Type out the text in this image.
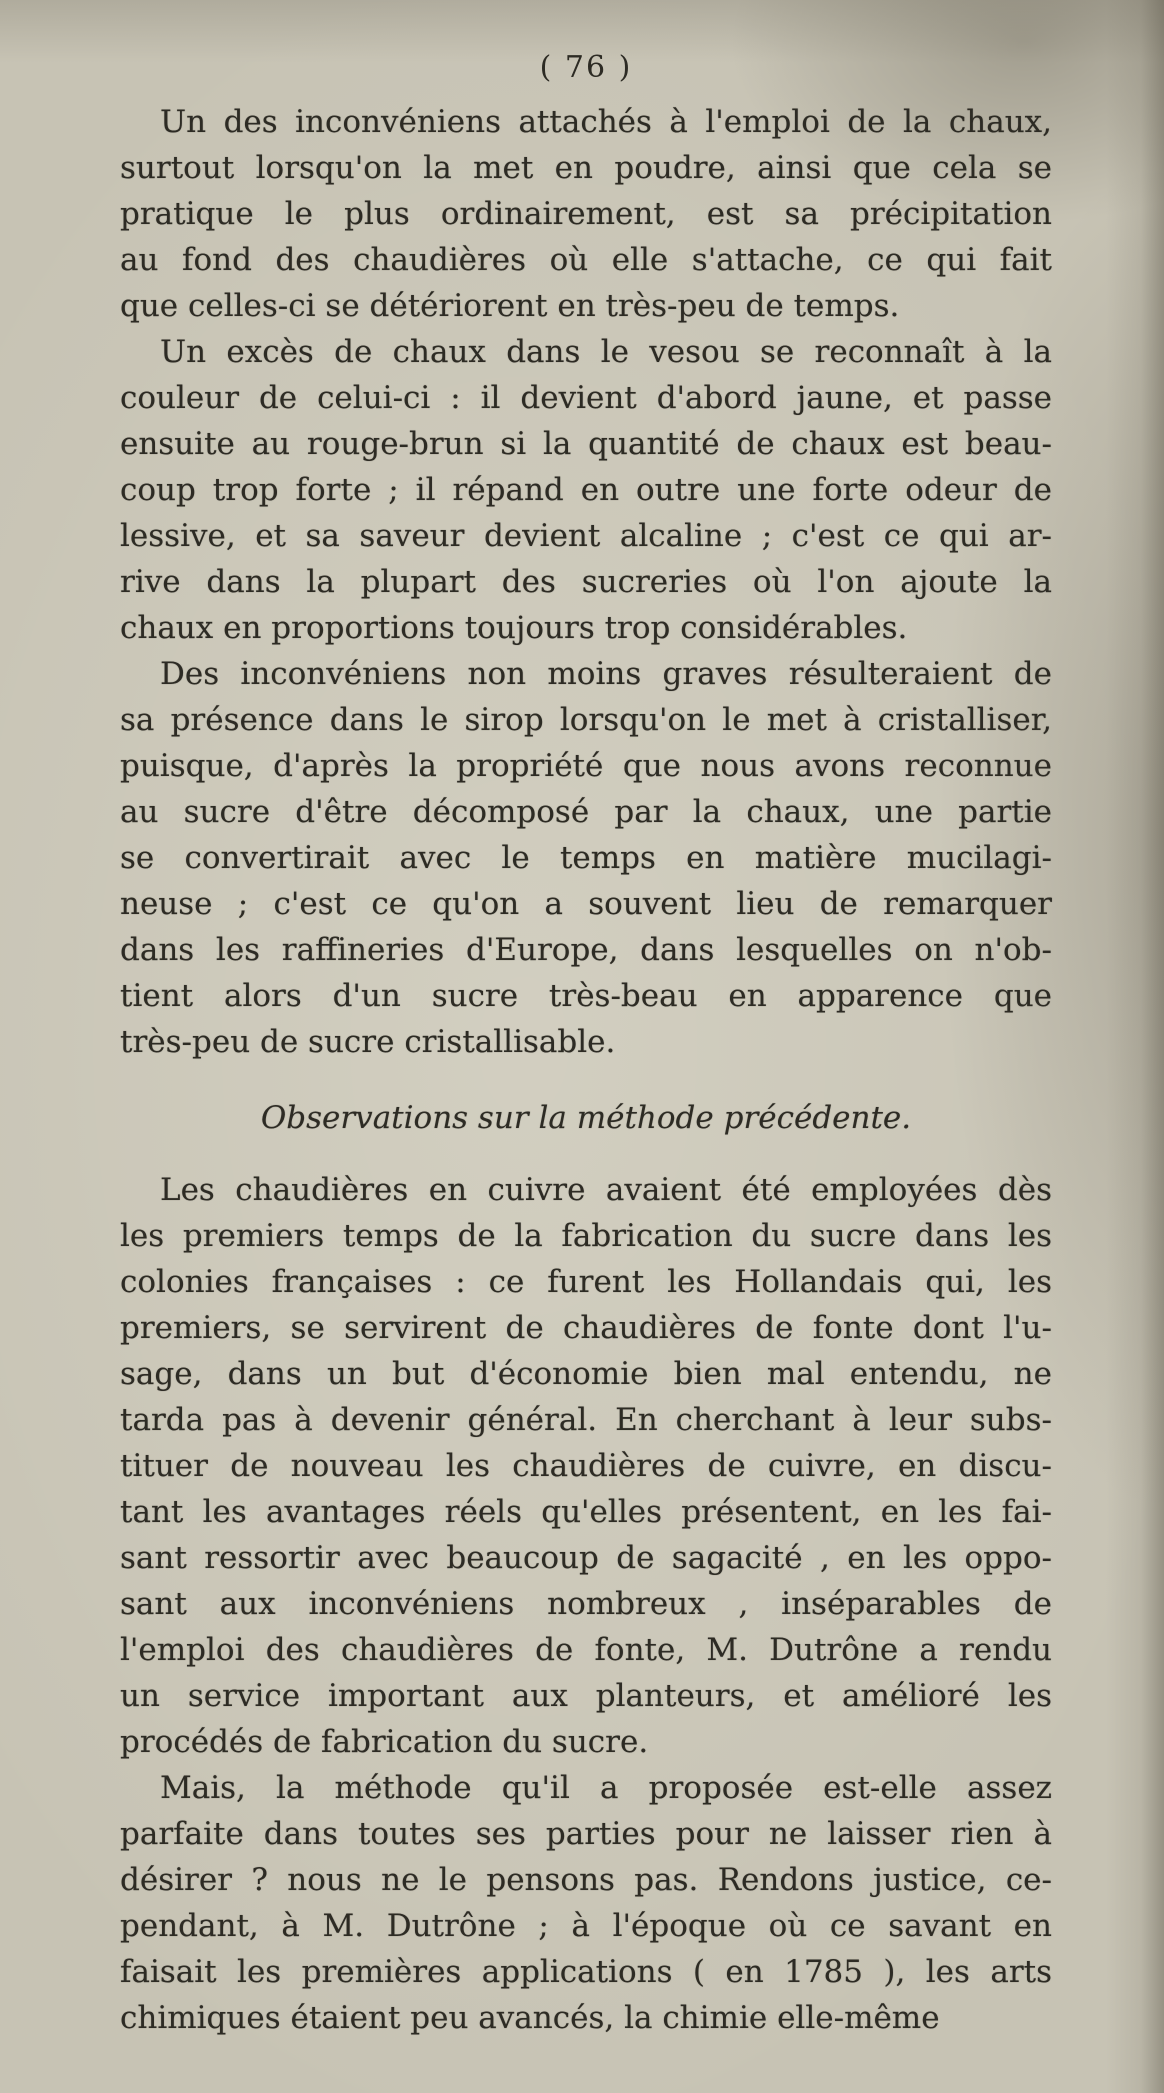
( 76 )
Un des inconvéniens attachés à l'emploi de la chaux,
surtout lorsqu'on la met en poudre, ainsi que cela se
pratique le plus ordinairement, est sa précipitation
au fond des chaudières où elle s'attache, ce qui fait
que celles-ci se détériorent en très-peu de temps.
Un excès de chaux dans le vesou se reconnaît à la
couleur de celui-ci : il devient d'abord jaune, et passe
ensuite au rouge-brun si la quantité de chaux est beau-
coup trop forte ; il répand en outre une forte odeur de
lessive, et sa saveur devient alcaline ; c'est ce qui ar-
rive dans la plupart des sucreries où l'on ajoute la
chaux en proportions toujours trop considérables.
Des inconvéniens non moins graves résulteraient de
sa présence dans le sirop lorsqu'on le met à cristalliser,
puisque, d'après la propriété que nous avons reconnue
au sucre d'être décomposé par la chaux, une partie
se convertirait avec le temps en matière mucilagi-
neuse ; c'est ce qu'on a souvent lieu de remarquer
dans les raffineries d'Europe, dans lesquelles on n'ob-
tient alors d'un sucre très-beau en apparence que
très-peu de sucre cristallisable.
Observations sur la méthode précédente.
Les chaudières en cuivre avaient été employées dès
les premiers temps de la fabrication du sucre dans les
colonies françaises : ce furent les Hollandais qui, les
premiers, se servirent de chaudières de fonte dont l'u-
sage, dans un but d'économie bien mal entendu, ne
tarda pas à devenir général. En cherchant à leur subs-
tituer de nouveau les chaudières de cuivre, en discu-
tant les avantages réels qu'elles présentent, en les fai-
sant ressortir avec beaucoup de sagacité , en les oppo-
sant aux inconvéniens nombreux , inséparables de
l'emploi des chaudières de fonte, M. Dutrône a rendu
un service important aux planteurs, et amélioré les
procédés de fabrication du sucre.
Mais, la méthode qu'il a proposée est-elle assez
parfaite dans toutes ses parties pour ne laisser rien à
désirer ? nous ne le pensons pas. Rendons justice, ce-
pendant, à M. Dutrône ; à l'époque où ce savant en
faisait les premières applications ( en 1785 ), les arts
chimiques étaient peu avancés, la chimie elle-même
